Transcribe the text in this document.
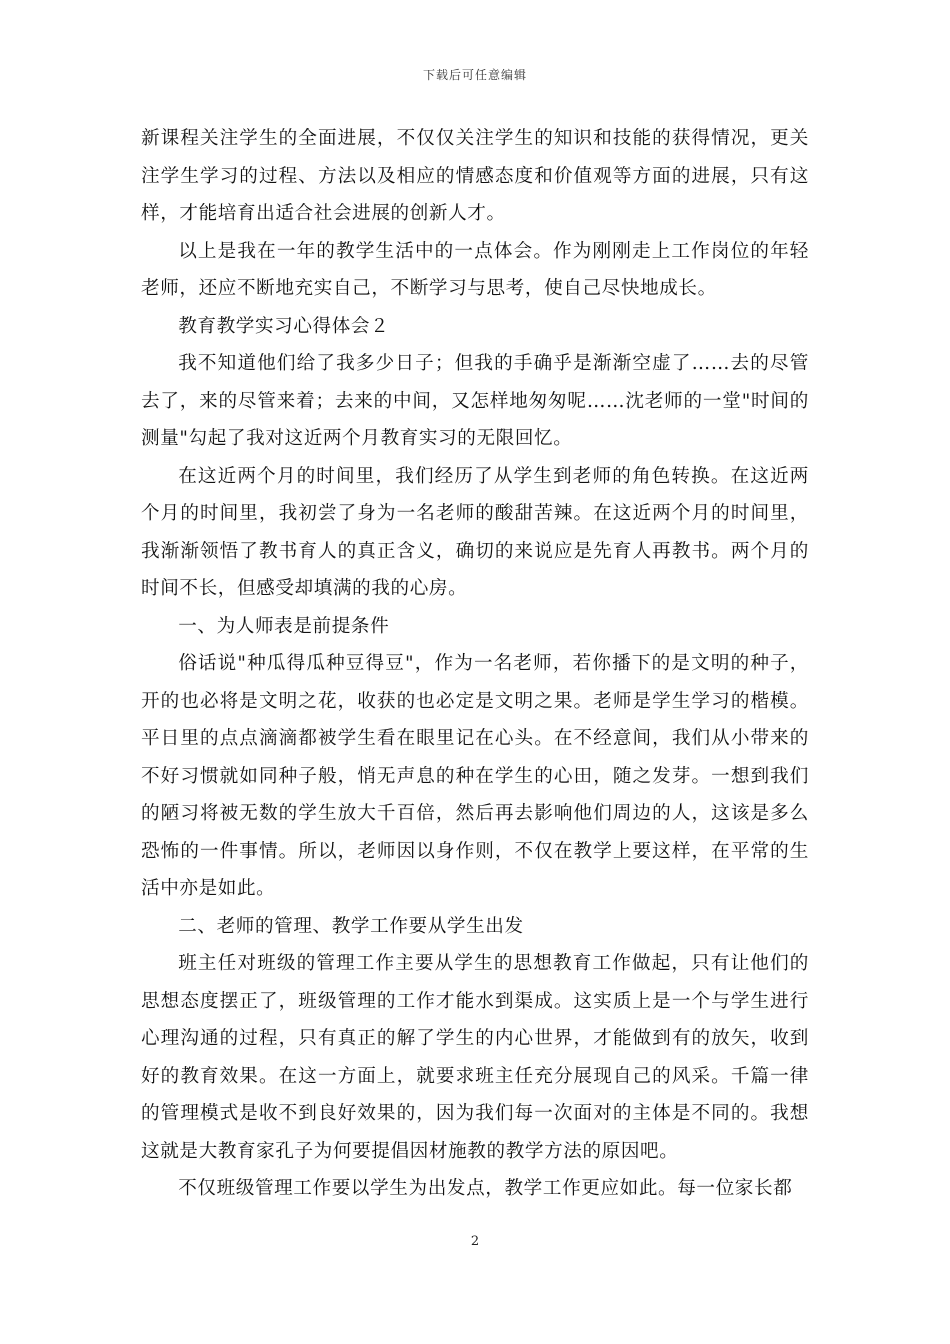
下载后可任意编辑

新课程关注学生的全面进展，不仅仅关注学生的知识和技能的获得情况，更关注学生学习的过程、方法以及相应的情感态度和价值观等方面的进展，只有这样，才能培育出适合社会进展的创新人才。

以上是我在一年的教学生活中的一点体会。作为刚刚走上工作岗位的年轻老师，还应不断地充实自己，不断学习与思考，使自己尽快地成长。

教育教学实习心得体会２

我不知道他们给了我多少日子；但我的手确乎是渐渐空虚了……去的尽管去了，来的尽管来着；去来的中间，又怎样地匆匆呢……沈老师的一堂"时间的测量"勾起了我对这近两个月教育实习的无限回忆。

在这近两个月的时间里，我们经历了从学生到老师的角色转换。在这近两个月的时间里，我初尝了身为一名老师的酸甜苦辣。在这近两个月的时间里，我渐渐领悟了教书育人的真正含义，确切的来说应是先育人再教书。两个月的时间不长，但感受却填满的我的心房。

一、为人师表是前提条件

俗话说"种瓜得瓜种豆得豆"，作为一名老师，若你播下的是文明的种子，开的也必将是文明之花，收获的也必定是文明之果。老师是学生学习的楷模。平日里的点点滴滴都被学生看在眼里记在心头。在不经意间，我们从小带来的不好习惯就如同种子般，悄无声息的种在学生的心田，随之发芽。一想到我们的陋习将被无数的学生放大千百倍，然后再去影响他们周边的人，这该是多么恐怖的一件事情。所以，老师因以身作则，不仅在教学上要这样，在平常的生活中亦是如此。

二、老师的管理、教学工作要从学生出发

班主任对班级的管理工作主要从学生的思想教育工作做起，只有让他们的思想态度摆正了，班级管理的工作才能水到渠成。这实质上是一个与学生进行心理沟通的过程，只有真正的解了学生的内心世界，才能做到有的放矢，收到好的教育效果。在这一方面上，就要求班主任充分展现自己的风采。千篇一律的管理模式是收不到良好效果的，因为我们每一次面对的主体是不同的。我想这就是大教育家孔子为何要提倡因材施教的教学方法的原因吧。

不仅班级管理工作要以学生为出发点，教学工作更应如此。每一位家长都

2
